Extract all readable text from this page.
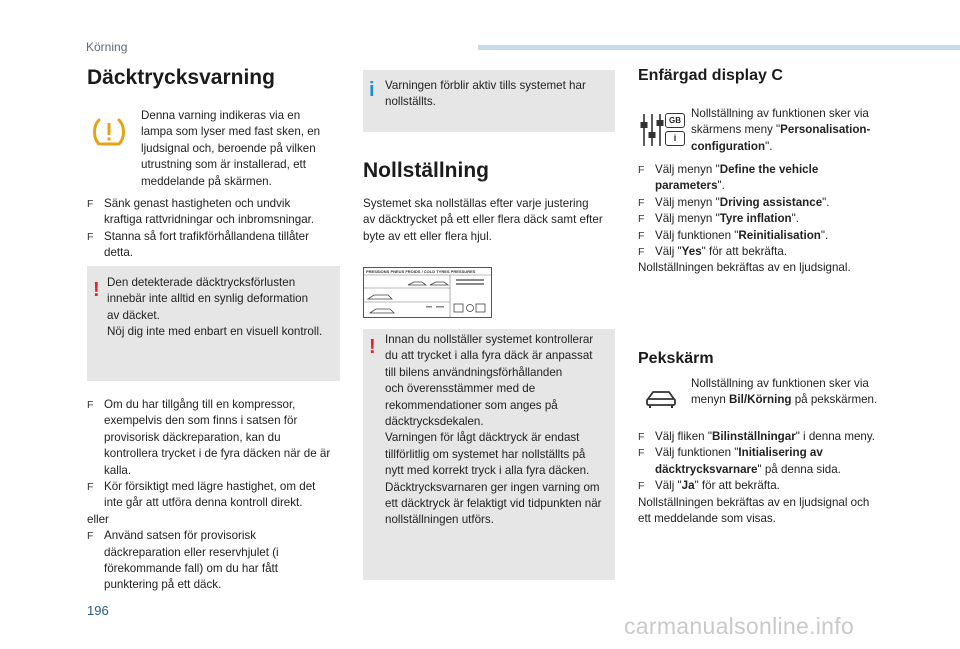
Körning
Däcktrycksvarning
Denna varning indikeras via en
lampa som lyser med fast sken, en
ljudsignal och, beroende på vilken
utrustning som är installerad, ett
meddelande på skärmen.
F Sänk genast hastigheten och undvik
kraftiga rattvridningar och inbromsningar.
F Stanna så fort trafikförhållandena tillåter
detta.
! Den detekterade däcktrycksförlusten
innebär inte alltid en synlig deformation
av däcket.
Nöj dig inte med enbart en visuell kontroll.
F Om du har tillgång till en kompressor,
exempelvis den som finns i satsen för
provisorisk däckreparation, kan du
kontrollera trycket i de fyra däcken när de är
kalla.
F Kör försiktigt med lägre hastighet, om det
inte går att utföra denna kontroll direkt.
eller
F Använd satsen för provisorisk
däckreparation eller reservhjulet (i
förekommande fall) om du har fått
punktering på ett däck.
i Varningen förblir aktiv tills systemet har
nollställts.
Nollställning
Systemet ska nollställas efter varje justering
av däcktrycket på ett eller flera däck samt efter
byte av ett eller flera hjul.
PRESSIONS PNEUS FROIDS / COLD TYRES PRESSURES
! Innan du nollställer systemet kontrollerar
du att trycket i alla fyra däck är anpassat
till bilens användningsförhållanden
och överensstämmer med de
rekommendationer som anges på
däcktrycksdekalen.
Varningen för lågt däcktryck är endast
tillförlitlig om systemet har nollställts på
nytt med korrekt tryck i alla fyra däcken.
Däcktrycksvarnaren ger ingen varning om
ett däcktryck är felaktigt vid tidpunkten när
nollställningen utförs.
Enfärgad display C
GB
i
Nollställning av funktionen sker via
skärmens meny "Personalisation-
configuration".
F Välj menyn "Define the vehicle
parameters".
F Välj menyn "Driving assistance".
F Välj menyn "Tyre inflation".
F Välj funktionen "Reinitialisation".
F Välj "Yes" för att bekräfta.
Nollställningen bekräftas av en ljudsignal.
Pekskärm
Nollställning av funktionen sker via
menyn Bil/Körning på pekskärmen.
F Välj fliken "Bilinställningar" i denna meny.
F Välj funktionen "Initialisering av
däcktrycksvarnare" på denna sida.
F Välj "Ja" för att bekräfta.
Nollställningen bekräftas av en ljudsignal och
ett meddelande som visas.
196
carmanualsonline.info
